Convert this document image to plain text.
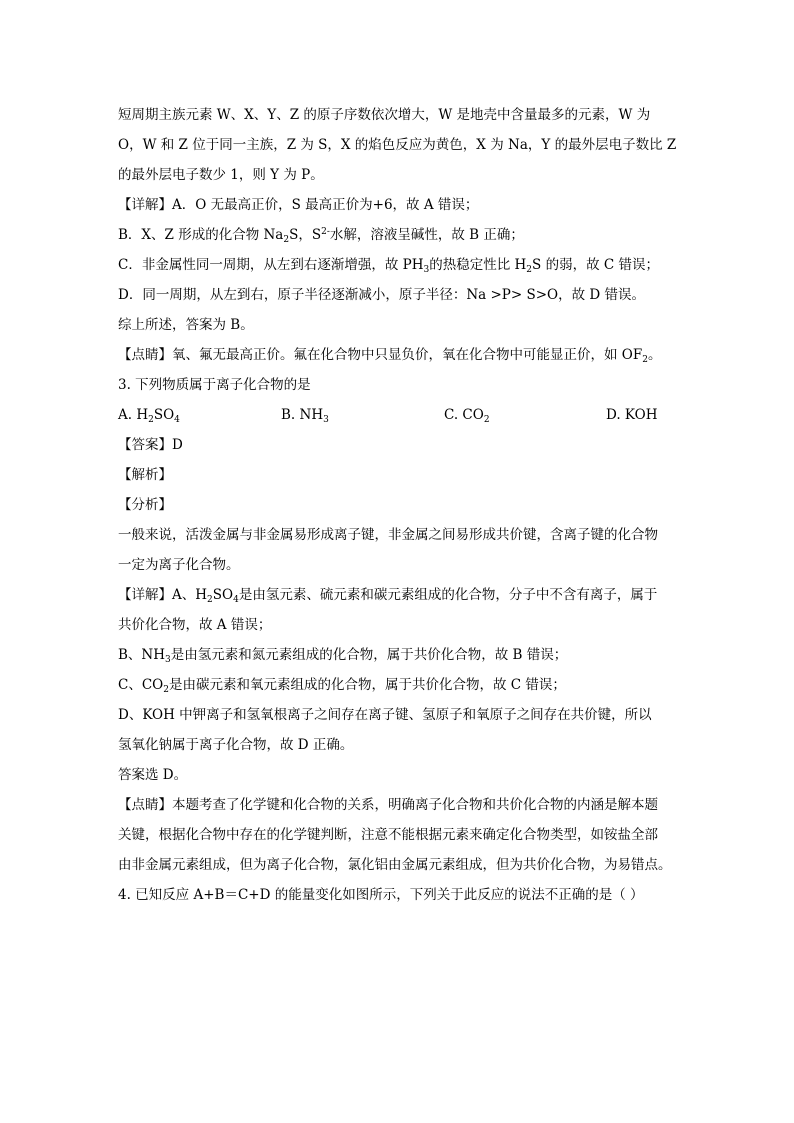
短周期主族元素 W、X、Y、Z 的原子序数依次增大，W 是地壳中含量最多的元素，W 为
O，W 和 Z 位于同一主族，Z 为 S，X 的焰色反应为黄色，X 为 Na，Y 的最外层电子数比 Z
的最外层电子数少 1，则 Y 为 P。
【详解】A．O 无最高正价，S 最高正价为+6，故 A 错误；
B．X、Z 形成的化合物 $Na_2S$，$S^{2-}$水解，溶液呈碱性，故 B 正确；
C．非金属性同一周期，从左到右逐渐增强，故 $PH_3$的热稳定性比 $H_2S$ 的弱，故 C 错误；
D．同一周期，从左到右，原子半径逐渐减小，原子半径：Na >P> S>O，故 D 错误。
综上所述，答案为 B。
【点睛】氧、氟无最高正价。氟在化合物中只显负价，氧在化合物中可能显正价，如 $OF_2$。
3. 下列物质属于离子化合物的是
A. $H_2SO_4$	B. $NH_3$	C. $CO_2$	D. KOH
【答案】D
【解析】
【分析】
一般来说，活泼金属与非金属易形成离子键，非金属之间易形成共价键，含离子键的化合物
一定为离子化合物。
【详解】A、$H_2SO_4$是由氢元素、硫元素和碳元素组成的化合物，分子中不含有离子，属于
共价化合物，故 A 错误；
B、$NH_3$是由氢元素和氮元素组成的化合物，属于共价化合物，故 B 错误；
C、$CO_2$是由碳元素和氧元素组成的化合物，属于共价化合物，故 C 错误；
D、KOH 中钾离子和氢氧根离子之间存在离子键、氢原子和氧原子之间存在共价键，所以
氢氧化钠属于离子化合物，故 D 正确。
答案选 D。
【点睛】本题考查了化学键和化合物的关系，明确离子化合物和共价化合物的内涵是解本题
关键，根据化合物中存在的化学键判断，注意不能根据元素来确定化合物类型，如铵盐全部
由非金属元素组成，但为离子化合物，氯化铝由金属元素组成，但为共价化合物，为易错点。
4. 已知反应 A+B＝C+D 的能量变化如图所示，下列关于此反应的说法不正确的是（ ）
